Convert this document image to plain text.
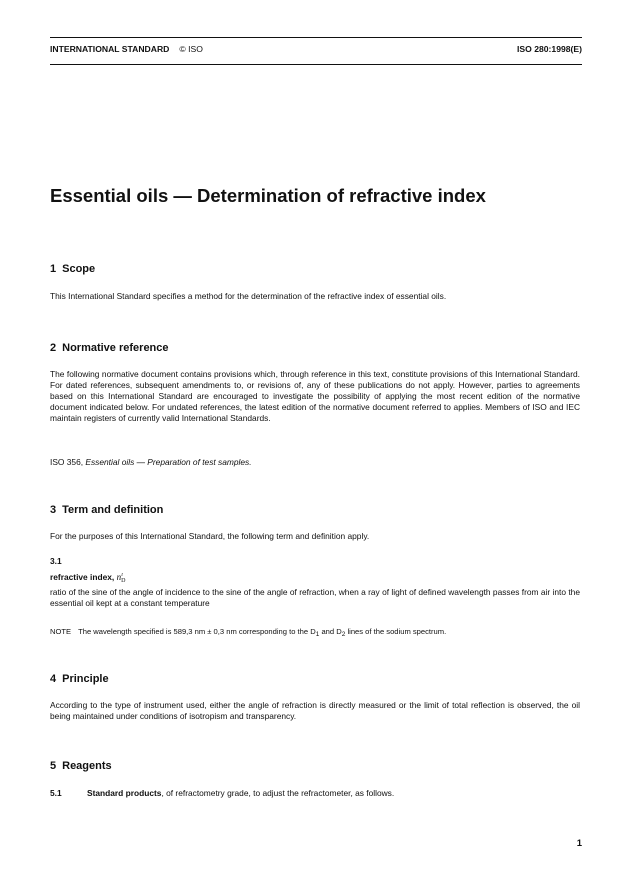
INTERNATIONAL STANDARD © ISO	ISO 280:1998(E)
Essential oils — Determination of refractive index
1 Scope
This International Standard specifies a method for the determination of the refractive index of essential oils.
2 Normative reference
The following normative document contains provisions which, through reference in this text, constitute provisions of this International Standard. For dated references, subsequent amendments to, or revisions of, any of these publications do not apply. However, parties to agreements based on this International Standard are encouraged to investigate the possibility of applying the most recent edition of the normative document indicated below. For undated references, the latest edition of the normative document referred to applies. Members of ISO and IEC maintain registers of currently valid International Standards.
ISO 356, Essential oils — Preparation of test samples.
3 Term and definition
For the purposes of this International Standard, the following term and definition apply.
3.1
refractive index, $n_D^t$
ratio of the sine of the angle of incidence to the sine of the angle of refraction, when a ray of light of defined wavelength passes from air into the essential oil kept at a constant temperature
NOTE The wavelength specified is 589,3 nm ± 0,3 nm corresponding to the D1 and D2 lines of the sodium spectrum.
4 Principle
According to the type of instrument used, either the angle of refraction is directly measured or the limit of total reflection is observed, the oil being maintained under conditions of isotropism and transparency.
5 Reagents
5.1	Standard products, of refractometry grade, to adjust the refractometer, as follows.
1
